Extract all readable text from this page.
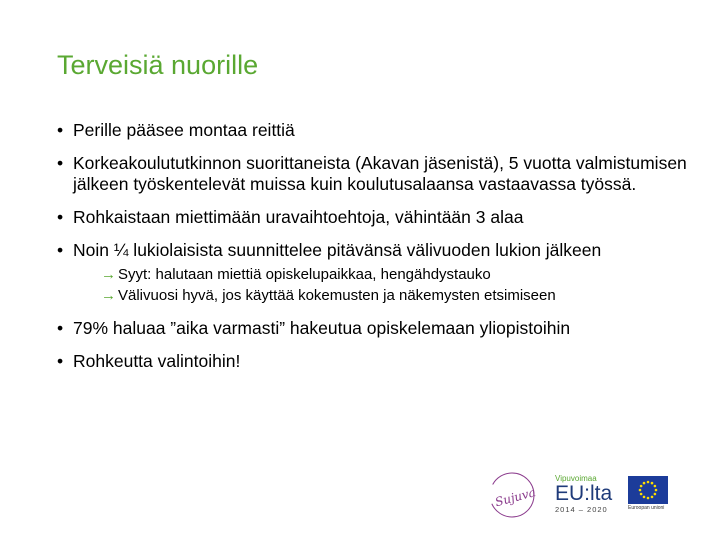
Terveisiä nuorille
• Perille pääsee montaa reittiä
• Korkeakoulututkinnon suorittaneista (Akavan jäsenistä), 5 vuotta valmistumisen jälkeen työskentelevät muissa kuin koulutusalaansa vastaavassa työssä.
• Rohkaistaan miettimään uravaihtoehtoja, vähintään 3 alaa
• Noin ¼ lukiolaisista suunnittelee pitävänsä välivuoden lukion jälkeen
→ Syyt: halutaan miettiä opiskelupaikkaa, hengähdystauko
→ Välivuosi hyvä, jos käyttää kokemusten ja näkemysten etsimiseen
• 79% haluaa ”aika varmasti” hakeutua opiskelemaan yliopistoihin
• Rohkeutta valintoihin!
Sujuva
Vipuvoimaa
EU:lta
2014 – 2020	Euroopan unioni
